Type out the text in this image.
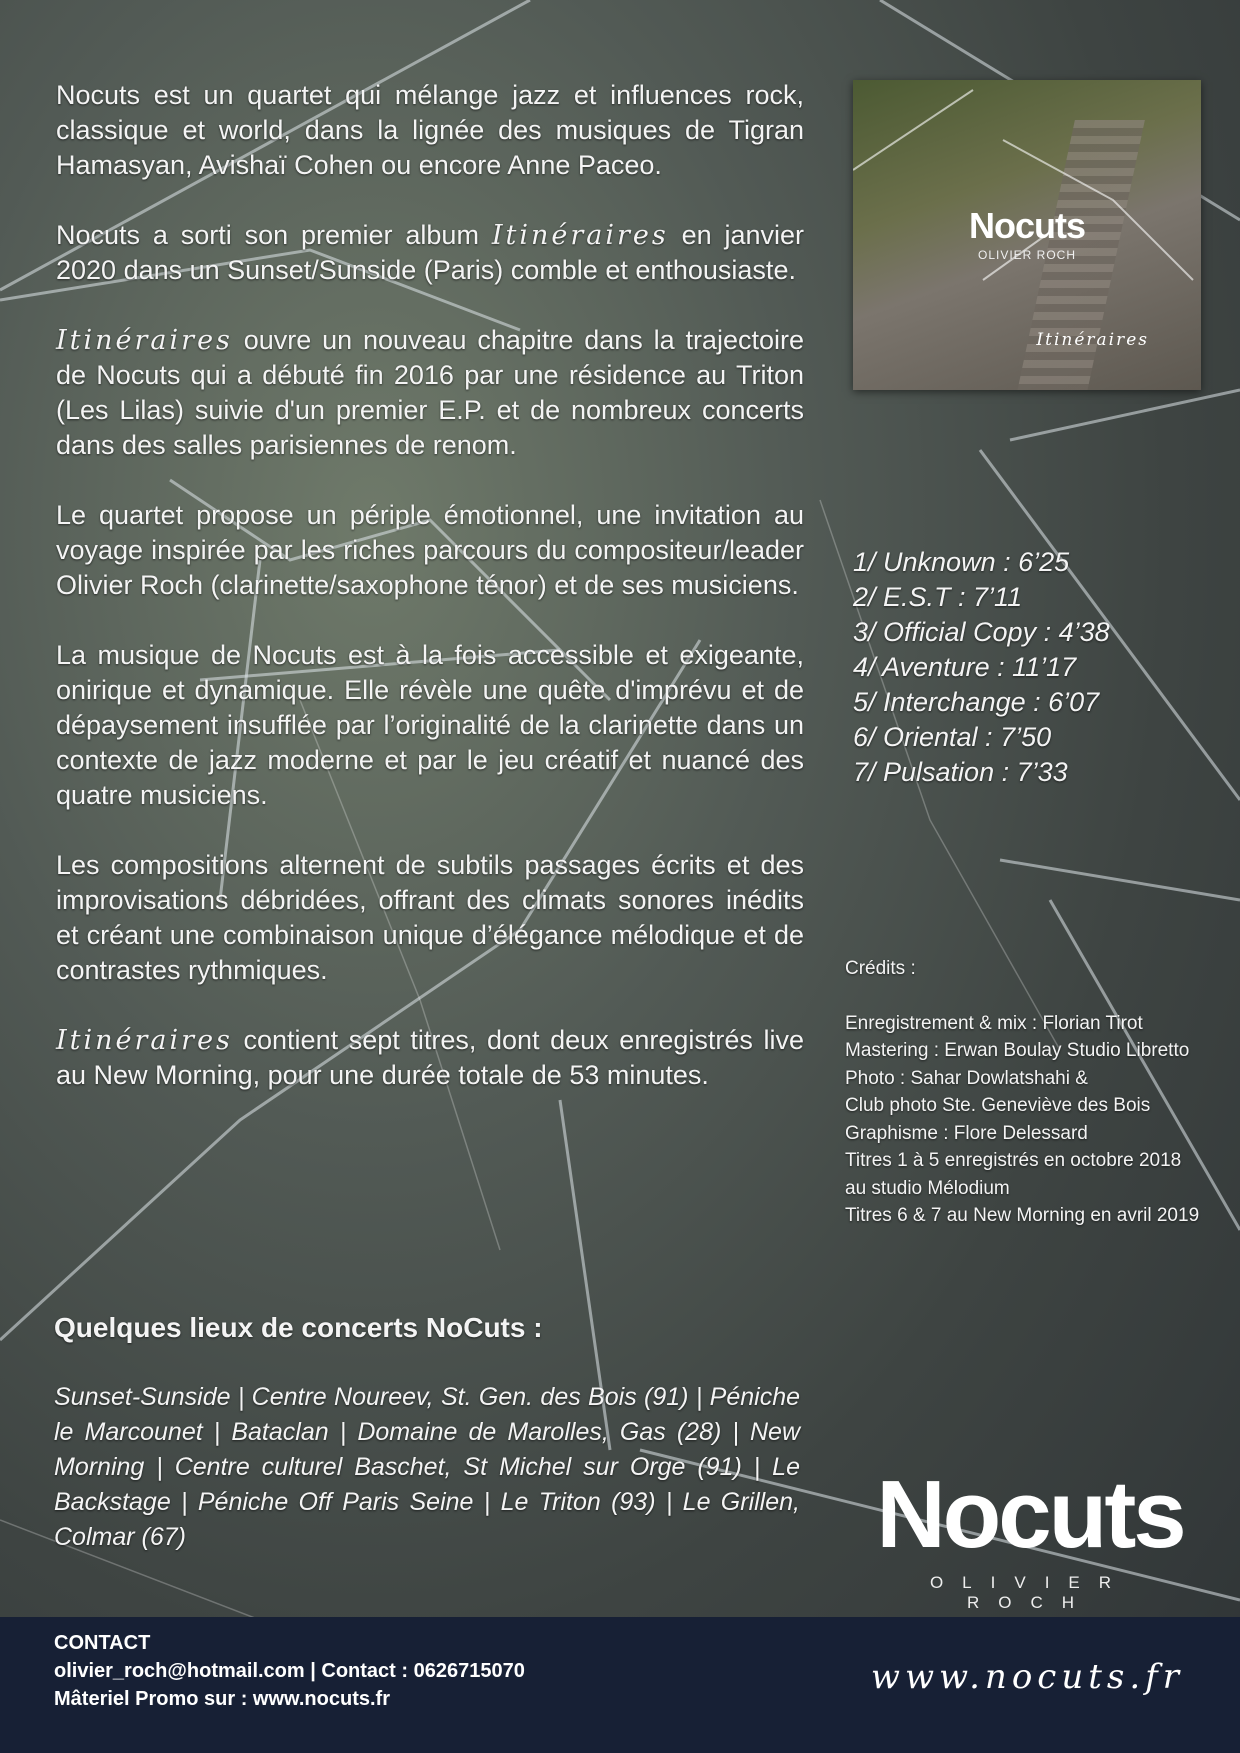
Nocuts est un quartet qui mélange jazz et influences rock, classique et world, dans la lignée des musiques de Tigran Hamasyan, Avishaï Cohen ou encore Anne Paceo.

Nocuts a sorti son premier album Itinéraires en janvier 2020 dans un Sunset/Sunside (Paris) comble et enthousiaste.

Itinéraires ouvre un nouveau chapitre dans la trajectoire de Nocuts qui a débuté fin 2016 par une résidence au Triton (Les Lilas) suivie d'un premier E.P. et de nombreux concerts dans des salles parisiennes de renom.

Le quartet propose un périple émotionnel, une invitation au voyage inspirée par les riches parcours du compositeur/leader Olivier Roch (clarinette/saxophone ténor) et de ses musiciens.

La musique de Nocuts est à la fois accessible et exigeante, onirique et dynamique. Elle révèle une quête d'imprévu et de dépaysement insufflée par l’originalité de la clarinette dans un contexte de jazz moderne et par le jeu créatif et nuancé des quatre musiciens.

Les compositions alternent de subtils passages écrits et des improvisations débridées, offrant des climats sonores inédits et créant une combinaison unique d’élégance mélodique et de contrastes rythmiques.

Itinéraires contient sept titres, dont deux enregistrés live au New Morning, pour une durée totale de 53 minutes.

Nocuts
OLIVIER ROCH
Itinéraires
1/ Unknown : 6’25
2/ E.S.T : 7’11
3/ Official Copy : 4’38
4/ Aventure : 11’17
5/ Interchange : 6’07
6/ Oriental : 7’50
7/ Pulsation : 7’33
Crédits :
Enregistrement & mix : Florian Tirot
Mastering : Erwan Boulay Studio Libretto
Photo : Sahar Dowlatshahi &
Club photo Ste. Geneviève des Bois
Graphisme : Flore Delessard
Titres 1 à 5 enregistrés en octobre 2018
au studio Mélodium
Titres 6 & 7 au New Morning en avril 2019
Quelques lieux de concerts NoCuts :
Sunset-Sunside | Centre Noureev, St. Gen. des Bois (91) | Péniche le Marcounet | Bataclan | Domaine de Marolles, Gas (28) | New Morning | Centre culturel Baschet, St Michel sur Orge (91) | Le Backstage | Péniche Off Paris Seine | Le Triton (93) | Le Grillen, Colmar (67)	Nocuts
OLIVIER ROCH
CONTACT
olivier_roch@hotmail.com | Contact : 0626715070
Mâteriel Promo sur : www.nocuts.fr
www.nocuts.fr
